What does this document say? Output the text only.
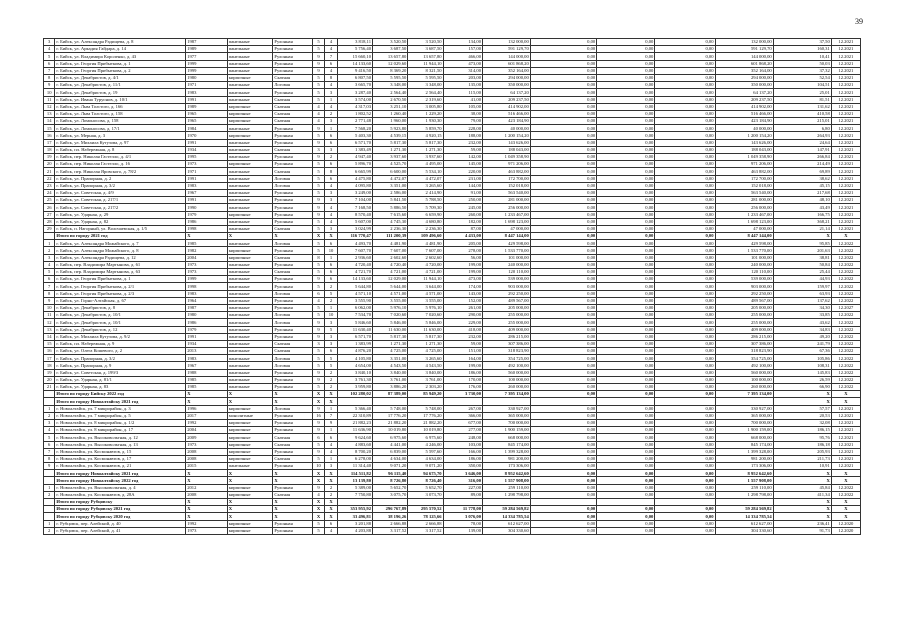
39
3	г. Бийск, ул. Александра Радищева, д. 8	1987	панельные	Рулонная	5	4	3 818,11	3 520,50	3 520,50	134,00	132 000,00	0,00	0,00	0,00	132 000,00	37,50	12.2021
4	г. Бийск, ул. Аркадия Гайдара, д. 14	1989	панельные	Рулонная	5	4	5 756,40	3 687,50	3 687,50	157,00	591 129,70	0,00	0,00	0,00	591 129,70	160,31	12.2021
5	г. Бийск, ул. Владимира Короленко, д. 43	1977	панельные	Рулонная	9	7	15 660,10	13 657,80	13 657,80	466,00	144 000,00	0,00	0,00	0,00	144 000,00	10,41	12.2021
6	г. Бийск, ул. Георгия Прибыткова, д. 1	1999	панельные	Рулонная	9	6	14 133,60	12 029,60	11 944,10	473,00	601 868,20	0,00	0,00	0,00	601 868,20	50,03	12.2021
7	г. Бийск, ул. Георгия Прибыткова, д. 2	1999	панельные	Рулонная	9	4	9 416,50	8 369,20	8 321,50	314,00	352 164,00	0,00	0,00	0,00	352 164,00	37,32	12.2021
8	г. Бийск, ул. Декабристов, д. 4/1	1980	кирпичные	Скатная	5	8	6 807,50	5 595,50	5 595,50	203,00	294 000,00	0,00	0,00	0,00	294 000,00	52,54	12.2021
9	г. Бийск, ул. Декабристов, д. 11/1	1971	панельные	Логовая	5	4	3 665,70	3 348,00	3 348,00	135,00	350 000,00	0,00	0,00	0,00	350 000,00	104,51	12.2021
10	г. Бийск, ул. Декабристов, д. 19	1983	панельные	Рулонная	5	3	3 287,40	2 564,40	2 564,40	115,00	64 137,20	0,00	0,00	0,00	64 137,20	25,01	12.2021
11	г. Бийск, ул. Ивана Туруонов, д. 10/1	1991	панельные	Скатная	5	1	3 574,00	2 670,50	2 319,60	41,00	209 237,50	0,00	0,00	0,00	209 237,50	81,51	12.2021
12	г. Бийск, ул. Льва Толстого, д. 166	1989	кирпичные	Скатная	4	4	4 317,03	3 251,10	3 005,80	105,00	414 902,00	0,00	0,00	0,00	414 902,00	131,62	12.2021
13	г. Бийск, ул. Льва Толстого, д. 158	1965	кирпичные	Скатная	4	2	1 802,52	1 260,40	1 229,20	38,00	516 466,00	0,00	0,00	0,00	516 466,00	410,58	12.2021
14	г. Бийск, ул. Ломоносова, д. 158	1965	кирпичные	Скатная	4	3	2 771,48	1 960,00	1 930,30	79,00	423 184,90	0,00	0,00	0,00	423 184,90	215,01	12.2021
15	г. Бийск, ул. Ломоносова, д. 17/1	1984	панельные	Рулонная	9	1	7 568,20	5 923,80	5 859,70	228,00	40 000,00	0,00	0,00	0,00	40 000,00	6,80	12.2021
16	г. Бийск, ул. Мерная, д. 3	1970	кирпичные	Рулонная	5	6	5 403,30	4 539,15	4 920,15	188,00	1 200 154,20	0,00	0,00	0,00	1 200 154,20	264,93	12.2021
17	г. Бийск, ул. Михаила Кутузова, д. 97	1991	панельные	Рулонная	9	6	6 571,70	5 817,30	5 817,30	232,00	143 626,00	0,00	0,00	0,00	143 626,00	24,64	12.2021
18	г. Бийск, пл. Набережная, д. 8	1934	панельные	Скатная	3	3	1 383,49	1 271,30	1 271,30	59,00	188 043,00	0,00	0,00	0,00	188 043,00	147,91	12.2021
19	г. Бийск, пер. Николая Гастелло, д. 4/1	1995	панельные	Рулонная	9	2	4 947,40	3 937,60	3 937,60	142,00	1 049 358,90	0,00	0,00	0,00	1 049 358,90	266,84	12.2021
20	г. Бийск, пер. Николая Гастелло, д. 16	1973	кирпичные	Рулонная	5	6	5 896,70	4 525,70	4 495,00	145,00	971 206,00	0,00	0,00	0,00	971 206,00	214,49	12.2021
21	г. Бийск, пер. Николая Яровского, д. 78/2	1971	панельные	Скатная	5	8	6 665,99	6 600,00	5 534,10	220,00	463 882,00	0,00	0,00	0,00	463 882,00	69,89	12.2021
22	г. Бийск, ул. Прапорная, д. 2	1991	панельные	Логовая	5	6	4 475,80	4 472,07	4 472,07	231,00	172 700,00	0,00	0,00	0,00	172 700,00	38,62	12.2021
23	г. Бийск, ул. Прапорная, д. 3/2	1983	панельные	Логовая	5	4	4 095,80	3 351,00	3 265,60	144,00	152 018,00	0,00	0,00	0,00	152 018,00	45,15	12.2021
24	г. Бийск, ул. Советская, д. 4/9	1967	панельные	Рулонная	5	3	3 249,00	2 586,00	2 414,90	91,00	563 540,00	0,00	0,00	0,00	563 540,00	217,68	12.2021
25	г. Бийск, ул. Советская, д. 217/1	1991	панельные	Рулонная	9	3	7 104,00	5 841,50	5 788,50	250,00	281 000,00	0,00	0,00	0,00	281 000,00	48,10	12.2021
26	г. Бийск, ул. Советская, д. 217/2	1990	панельные	Рулонная	9	4	7 168,50	5 886,50	5 709,30	245,00	256 000,00	0,00	0,00	0,00	256 000,00	43,49	12.2021
27	г. Бийск, ул. Ударная, д. 29	1979	кирпичные	Рулонная	9	4	8 570,40	7 615,60	6 659,90	260,00	1 233 467,00	0,00	0,00	0,00	1 233 467,00	166,75	12.2021
28	г. Бийск, ул. Ударная, д. 82	1986	панельные	Рулонная	5	4	5 607,00	4 745,30	4 680,80	182,00	1 698 123,00	0,00	0,00	0,00	1 698 123,00	368,21	12.2021
29	г. Бийск, п. Нагорный, ул. Волочаевская, д. 1/5	1998	панельные	Скатная	5	3	3 024,99	2 236,30	2 236,30	87,00	47 000,00	0,00	0,00	0,00	47 000,00	21,14	12.2021
	Итого по городу 2021 год	X	X	X	X	X	116 770,47	111 200,39	109 496,60	4 433,00	8 447 144,00	0,00	0,00	0,00	8 447 144,00	X	X
1	г. Бийск, ул. Александра Можайского, д. 7	1985	панельные	Логовая	5	6	4 493,70	4 481,90	4 481,90	205,00	429 598,00	0,00	0,00	0,00	429 598,00	95,85	12.2022
2	г. Бийск, ул. Александра Можайского, д. 8	1982	кирпичные	Рулонная	5	10	7 607,70	7 607,00	7 607,00	278,00	1 533 770,00	0,00	0,00	0,00	1 533 770,00	201,63	12.2022
3	г. Бийск, ул. Александра Радищева, д. 12	2004	кирпичные	Скатная	8	1	2 936,60	2 602,60	2 602,60	56,00	101 000,00	0,00	0,00	0,00	101 000,00	38,81	12.2022
4	г. Бийск, пер. Владимира Мартынова, д. 61	1973	панельные	Рулонная	5	6	4 720,40	4 720,40	4 720,00	199,00	240 000,00	0,00	0,00	0,00	240 000,00	50,84	12.2022
5	г. Бийск, пер. Владимира Мартынова, д. 63	1973	панельные	Скатная	5	6	4 721,70	4 721,00	4 721,00	199,00	120 110,00	0,00	0,00	0,00	120 110,00	25,44	12.2022
6	г. Бийск, ул. Георгия Прибыткова, д. 1	1999	панельные	Рулонная	9	6	14 133,60	12 029,00	11 944,10	473,00	539 000,00	0,00	0,00	0,00	539 000,00	44,93	12.2022
7	г. Бийск, ул. Георгия Прибыткова, д. 2/1	1998	панельные	Рулонная	5	2	5 644,80	5 644,00	3 644,00	174,00	903 000,00	0,00	0,00	0,00	903 000,00	159,97	12.2022
8	г. Бийск, ул. Георгия Прибыткова, д. 2/3	1983	панельные	Логовая	6	5	4 571,10	4 571,00	4 571,00	143,00	292 250,00	0,00	0,00	0,00	292 250,00	63,93	12.2022
9	г. Бийск, ул. Горно-Алтайская, д. 67	1964	панельные	Рулонная	4	2	3 555,90	3 555,00	3 555,00	152,00	489 567,00	0,00	0,00	0,00	489 567,00	137,62	12.2022
10	г. Бийск, ул. Декабристов, д. 8	1987	панельные	Рулонная	5	1	6 062,00	5 976,10	5 976,10	261,00	205 000,00	0,00	0,00	0,00	205 000,00	34,30	12.2027
11	г. Бийск, ул. Декабристов, д. 10/1	1980	панельные	Логовая	5	10	7 534,70	7 020,60	7 020,60	290,00	255 000,00	0,00	0,00	0,00	255 000,00	33,85	12.2022
12	г. Бийск, ул. Декабристов, д. 10/1	1986	панельные	Логовая	9	3	5 846,60	5 846,00	5 846,00	229,00	255 000,00	0,00	0,00	0,00	255 000,00	43,62	12.2022
13	г. Бийск, ул. Декабристов, д. 12	1979	панельные	Рулонная	9	5	11 630,40	11 630,00	11 630,00	418,00	409 000,00	0,00	0,00	0,00	409 000,00	34,83	12.2022
14	г. Бийск, ул. Михаила Кутузова, д. 9/2	1991	панельные	Рулонная	9	3	6 571,70	5 817,30	5 817,30	232,00	286 215,00	0,00	0,00	0,00	286 215,00	49,20	12.2022
15	г. Бийск, пл. Набережная, д. 9	1934	панельные	Скатная	3	3	1 383,99	1 271,30	1 271,30	59,00	307 386,00	0,00	0,00	0,00	307 386,00	241,79	12.2022
16	г. Бийск, ул. Олега Кошевого, д. 2	2013	панельные	Скатная	5	6	4 876,20	4 725,00	4 725,00	151,00	318 823,90	0,00	0,00	0,00	318 823,90	67,36	12.2022
17	г. Бийск, ул. Прапорная, д. 3/2	1983	панельные	Логовая	5	5	4 105,80	3 351,00	3 265,60	164,00	354 725,00	0,00	0,00	0,00	354 725,00	105,86	12.2022
18	г. Бийск, ул. Прапорная, д. 9	1967	панельные	Логовая	5	5	4 654,00	4 543,50	4 543,50	199,00	492 100,00	0,00	0,00	0,00	492 100,00	108,31	12.2022
19	г. Бийск, ул. Советская, д. 199/3	1988	панельные	Рулонная	9	2	3 840,10	3 840,00	3 840,00	186,00	560 000,00	0,00	0,00	0,00	560 000,00	145,83	12.2022
20	г. Бийск, ул. Ударная, д. 81/1	1985	панельные	Рулонная	9	2	3 761,30	3 761,00	3 761,00	170,00	100 000,00	0,00	0,00	0,00	100 000,00	26,59	12.2022
21	г. Бийск, ул. Ударная, д. 83	1985	панельные	Рулонная	5	2	3 959,80	3 886,20	2 303,20	176,00	260 000,00	0,00	0,00	0,00	260 000,00	66,90	12.2022
	Итого по городу Бийску 2022 год	X	X	X	X	X	102 280,02	87 389,00	85 949,20	3 730,00	7 395 134,00	0,00	0,00	0,00	7 395 134,00	X	X
	Итого по городу Новоалтайску 2021 год	X	X	X	X	X										X	X
1	г. Новоалтайск, ул. 7 микрорайон, д. 3	1996	кирпичные	Логовая	9	1	5 366,40	5 748,00	5 748,00	267,00	330 927,00	0,00	0,00	0,00	330 927,00	57,57	12.2021
2	г. Новоалтайск, ул. 7 микрорайон, д. 5	2017	монолитные	Рулонная	16	7	22 310,89	17 776,20	17 776,20	366,00	365 000,00	0,00	0,00	0,00	365 000,00	20,53	12.2021
3	г. Новоалтайск, ул. 8 микрорайон, д. 1/2	1992	кирпичные	Рулонная	9	9	21 882,23	21 882,20	21 882,20	677,00	700 000,00	0,00	0,00	0,00	700 000,00	32,08	12.2021
4	г. Новоалтайск, ул. 8 микрорайон, д. 17	2004	кирпичные	Рулонная	9	1	11 636,90	10 019,80	10 019,80	277,00	1 900 159,00	0,00	0,00	0,00	1 900 159,00	186,15	12.2021
5	г. Новоалтайск, ул. Высоковольтная, д. 12	2009	кирпичные	Скатная	6	6	9 624,60	6 975,60	6 975,60	248,00	668 000,00	0,00	0,00	0,00	668 000,00	95,76	12.2021
6	г. Новоалтайск, ул. Высоковольтная, д. 13	1973	кирпичные	Скатная	5	4	4 883,60	4 441,00	4 246,00	103,00	845 174,00	0,00	0,00	0,00	845 174,00	186,18	12.2021
7	г. Новоалтайск, ул. Космонавтов, д. 15	2008	кирпичные	Рулонная	9	4	8 700,20	6 839,00	5 597,60	166,00	1 399 328,00	0,00	0,00	0,00	1 399 328,00	205,93	12.2021
8	г. Новоалтайск, ул. Космонавтов, д. 17	2008	кирпичные	Скатная	5	1	6 278,00	4 634,00	4 634,00	186,00	981 200,00	0,00	0,00	0,00	981 200,00	211,73	12.2021
9	г. Новоалтайск, ул. Космонавтов, д. 21	2015	панельные	Рулонная	10	3	11 314,40	9 071,20	9 071,20	350,00	173 306,00	0,00	0,00	0,00	173 306,00	10,91	12.2021
	Итого по городу Новоалтайску 2021 год	X	X	X	X	X	114 511,82	96 115,40	94 675,70	3 646,00	8 952 642,60	0,00	0,00	0,00	8 952 642,60	X	X
	Итого по городу Новоалтайску 2022 год	X	X	X	X	X	13 139,80	8 726,80	8 726,40	316,00	1 557 908,00	0,00	0,00	0,00	1 557 908,00	X	X
1	г. Новоалтайск, ул. Высоковольтная, д. 4	2012	кирпичные	Рулонная	9	2	5 389,00	5 652,70	5 652,70	227,00	259 110,00	0,00	0,00	0,00	259 110,00	45,84	12.2022
2	г. Новоалтайск, ул. Космонавтов, д. 28А	2008	кирпичные	Скатная	4	2	7 750,80	3 075,70	3 073,70	89,00	1 298 798,00	0,00	0,00	0,00	1 298 798,00	411,34	12.2022
	Итого по городу Рубцовску	X	X	X	X	X										X	X
	Итого по городу Рубцовску 2021 год	X	X	X	X	X	353 955,92	296 767,89	295 570,52	11 778,00	59 284 569,82	0,00	0,00	0,00	59 284 569,82	X	X
	Итого по городу Рубцовску 2020 год	X	X	X	X	X	33 496,81	38 196,26	78 125,66	3 076,00	14 334 785,54	0,00	0,00	0,00	14 334 785,54	X	X
1	г. Рубцовск, пер. Алейский, д. 40	1992	кирпичные	Рулонная	5	6	3 201,88	2 666,88	2 666,88	78,00	612 627,00	0,00	0,00	0,00	612 627,00	236,41	12.2020
2	г. Рубцовск, пер. Алейский, д. 41	1973	кирпичные	Рулонная	5	4	4 203,88	3 317,52	3 317,52	139,00	304 330,60	0,00	0,00	0,00	304 330,60	91,73	12.2020
